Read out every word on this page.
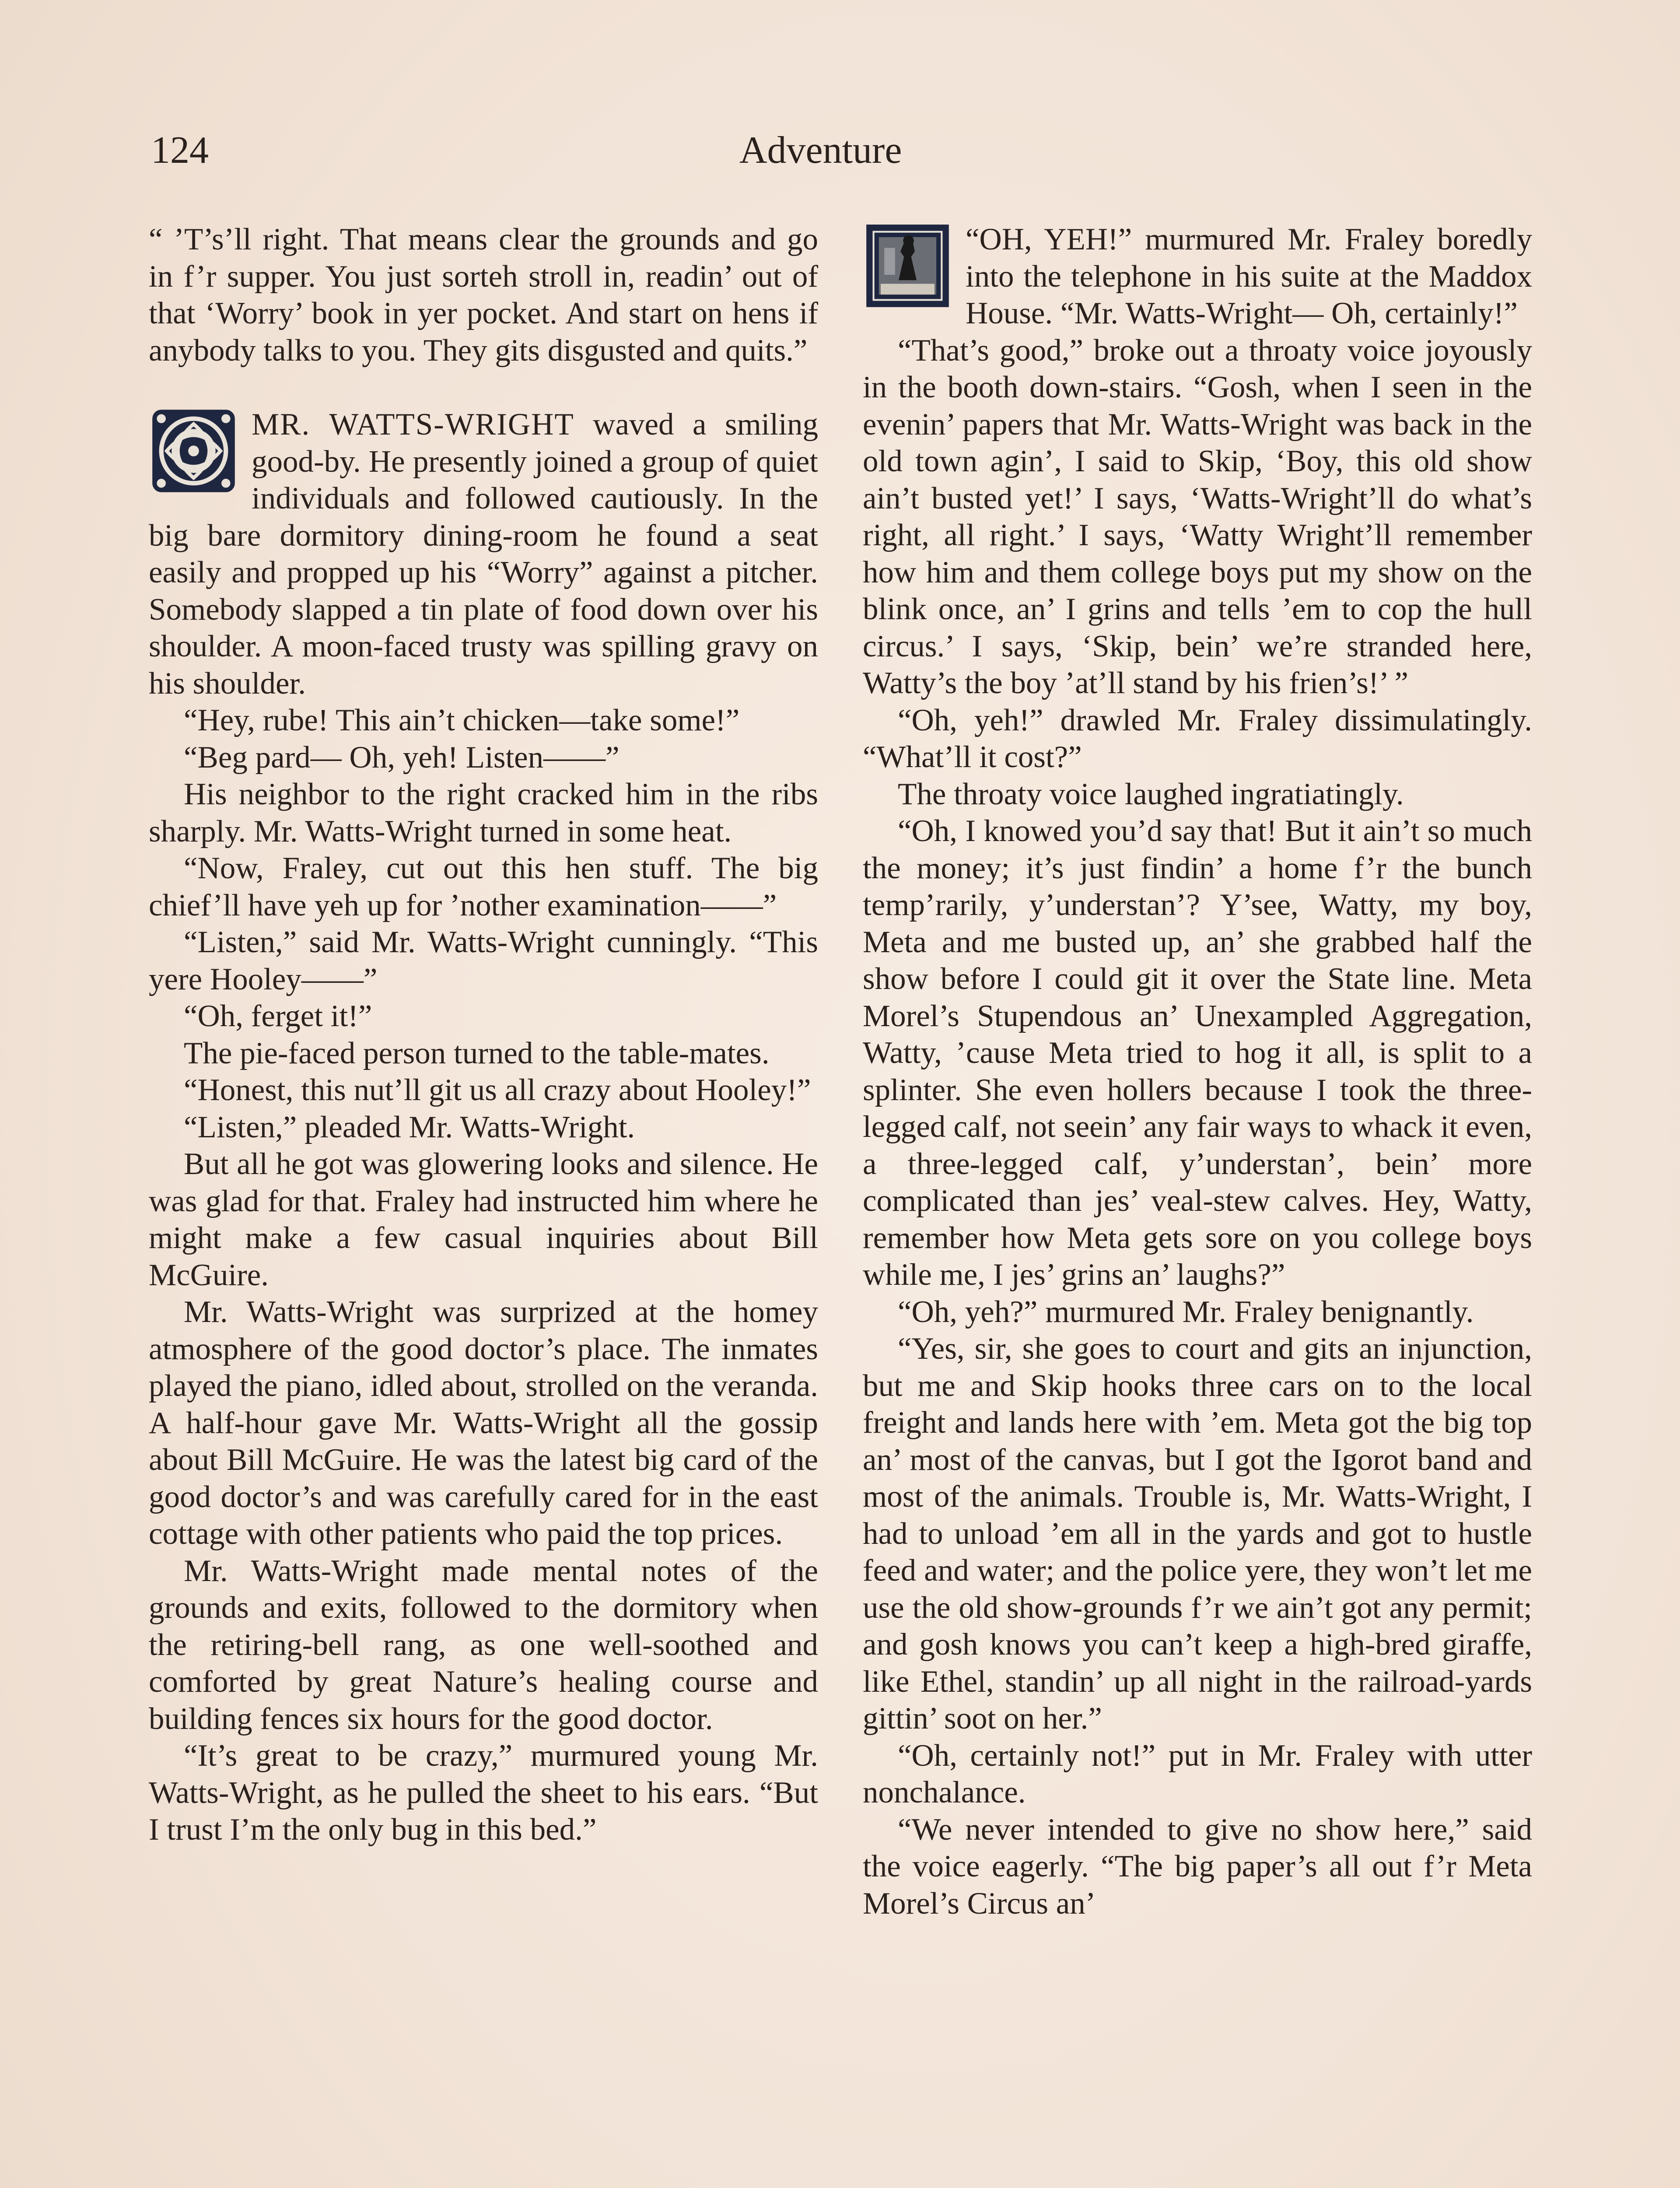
124	Adventure

“ ’T’s’ll right. That means clear the grounds and go in f’r supper. You just sorteh stroll in, readin’ out of that ‘Worry’ book in yer pocket. And start on hens if anybody talks to you. They gits disgusted and quits.”

MR. WATTS-WRIGHT waved a smiling good-by. He presently joined a group of quiet individuals and followed cautiously. In the big bare dormitory dining-room he found a seat easily and propped up his “Worry” against a pitcher. Somebody slapped a tin plate of food down over his shoulder. A moon-faced trusty was spilling gravy on his shoulder.

“Hey, rube! This ain’t chicken—take some!”

“Beg pard— Oh, yeh! Listen——”

His neighbor to the right cracked him in the ribs sharply. Mr. Watts-Wright turned in some heat.

“Now, Fraley, cut out this hen stuff. The big chief’ll have yeh up for ’nother examination——”

“Listen,” said Mr. Watts-Wright cunningly. “This yere Hooley——”

“Oh, ferget it!”

The pie-faced person turned to the table-mates.

“Honest, this nut’ll git us all crazy about Hooley!”

“Listen,” pleaded Mr. Watts-Wright.

But all he got was glowering looks and silence. He was glad for that. Fraley had instructed him where he might make a few casual inquiries about Bill McGuire.

Mr. Watts-Wright was surprized at the homey atmosphere of the good doctor’s place. The inmates played the piano, idled about, strolled on the veranda. A half-hour gave Mr. Watts-Wright all the gossip about Bill McGuire. He was the latest big card of the good doctor’s and was carefully cared for in the east cottage with other patients who paid the top prices.

Mr. Watts-Wright made mental notes of the grounds and exits, followed to the dormitory when the retiring-bell rang, as one well-soothed and comforted by great Nature’s healing course and building fences six hours for the good doctor.

“It’s great to be crazy,” murmured young Mr. Watts-Wright, as he pulled the sheet to his ears. “But I trust I’m the only bug in this bed.”

“OH, YEH!” murmured Mr. Fraley boredly into the telephone in his suite at the Maddox House. “Mr. Watts-Wright— Oh, certainly!”

“That’s good,” broke out a throaty voice joyously in the booth down-stairs. “Gosh, when I seen in the evenin’ papers that Mr. Watts-Wright was back in the old town agin’, I said to Skip, ‘Boy, this old show ain’t busted yet!’ I says, ‘Watts-Wright’ll do what’s right, all right.’ I says, ‘Watty Wright’ll remember how him and them college boys put my show on the blink once, an’ I grins and tells ’em to cop the hull circus.’ I says, ‘Skip, bein’ we’re stranded here, Watty’s the boy ’at’ll stand by his frien’s!’ ”

“Oh, yeh!” drawled Mr. Fraley dissimulatingly. “What’ll it cost?”

The throaty voice laughed ingratiatingly.

“Oh, I knowed you’d say that! But it ain’t so much the money; it’s just findin’ a home f’r the bunch temp’rarily, y’understan’? Y’see, Watty, my boy, Meta and me busted up, an’ she grabbed half the show before I could git it over the State line. Meta Morel’s Stupendous an’ Unexampled Aggregation, Watty, ’cause Meta tried to hog it all, is split to a splinter. She even hollers because I took the three-legged calf, not seein’ any fair ways to whack it even, a three-legged calf, y’understan’, bein’ more complicated than jes’ veal-stew calves. Hey, Watty, remember how Meta gets sore on you college boys while me, I jes’ grins an’ laughs?”

“Oh, yeh?” murmured Mr. Fraley benignantly.

“Yes, sir, she goes to court and gits an injunction, but me and Skip hooks three cars on to the local freight and lands here with ’em. Meta got the big top an’ most of the canvas, but I got the Igorot band and most of the animals. Trouble is, Mr. Watts-Wright, I had to unload ’em all in the yards and got to hustle feed and water; and the police yere, they won’t let me use the old show-grounds f’r we ain’t got any permit; and gosh knows you can’t keep a high-bred giraffe, like Ethel, standin’ up all night in the railroad-yards gittin’ soot on her.”

“Oh, certainly not!” put in Mr. Fraley with utter nonchalance.

“We never intended to give no show here,” said the voice eagerly. “The big paper’s all out f’r Meta Morel’s Circus an’
